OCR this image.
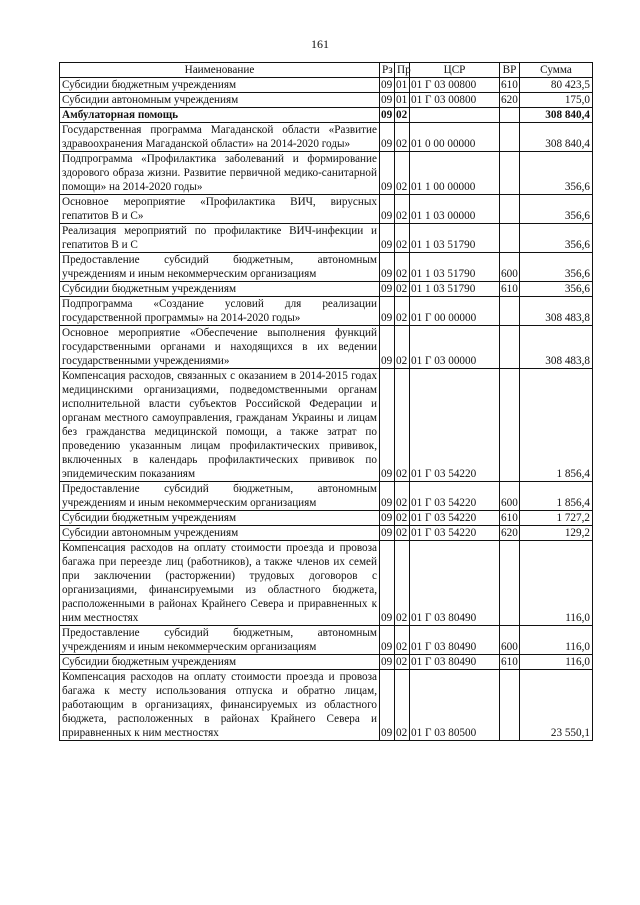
161
Наименование	Рз	Пр	ЦСР	ВР	Сумма
Субсидии бюджетным учреждениям	09	01	01 Г 03 00800	610	80 423,5
Субсидии автономным учреждениям	09	01	01 Г 03 00800	620	175,0
Амбулаторная помощь	09	02			308 840,4
Государственная программа Магаданской области «Развитие здравоохранения Магаданской области» на 2014-2020 годы»	09	02	01 0 00 00000		308 840,4
Подпрограмма «Профилактика заболеваний и формирование здорового образа жизни. Развитие первичной медико-санитарной помощи» на 2014-2020 годы»	09	02	01 1 00 00000		356,6
Основное мероприятие «Профилактика ВИЧ, вирусных гепатитов В и С»	09	02	01 1 03 00000		356,6
Реализация мероприятий по профилактике ВИЧ-инфекции и гепатитов В и С	09	02	01 1 03 51790		356,6
Предоставление субсидий бюджетным, автономным учреждениям и иным некоммерческим организациям	09	02	01 1 03 51790	600	356,6
Субсидии бюджетным учреждениям	09	02	01 1 03 51790	610	356,6
Подпрограмма «Создание условий для реализации государственной программы» на 2014-2020 годы»	09	02	01 Г 00 00000		308 483,8
Основное мероприятие «Обеспечение выполнения функций государственными органами и находящихся в их ведении государственными учреждениями»	09	02	01 Г 03 00000		308 483,8
Компенсация расходов, связанных с оказанием в 2014-2015 годах медицинскими организациями, подведомственными органам исполнительной власти субъектов Российской Федерации и органам местного самоуправления, гражданам Украины и лицам без гражданства медицинской помощи, а также затрат по проведению указанным лицам профилактических прививок, включенных в календарь профилактических прививок по эпидемическим показаниям	09	02	01 Г 03 54220		1 856,4
Предоставление субсидий бюджетным, автономным учреждениям и иным некоммерческим организациям	09	02	01 Г 03 54220	600	1 856,4
Субсидии бюджетным учреждениям	09	02	01 Г 03 54220	610	1 727,2
Субсидии автономным учреждениям	09	02	01 Г 03 54220	620	129,2
Компенсация расходов на оплату стоимости проезда и провоза багажа при переезде лиц (работников), а также членов их семей при заключении (расторжении) трудовых договоров с организациями, финансируемыми из областного бюджета, расположенными в районах Крайнего Севера и приравненных к ним местностях	09	02	01 Г 03 80490		116,0
Предоставление субсидий бюджетным, автономным учреждениям и иным некоммерческим организациям	09	02	01 Г 03 80490	600	116,0
Субсидии бюджетным учреждениям	09	02	01 Г 03 80490	610	116,0
Компенсация расходов на оплату стоимости проезда и провоза багажа к месту использования отпуска и обратно лицам, работающим в организациях, финансируемых из областного бюджета, расположенных в районах Крайнего Севера и приравненных к ним местностях	09	02	01 Г 03 80500		23 550,1
